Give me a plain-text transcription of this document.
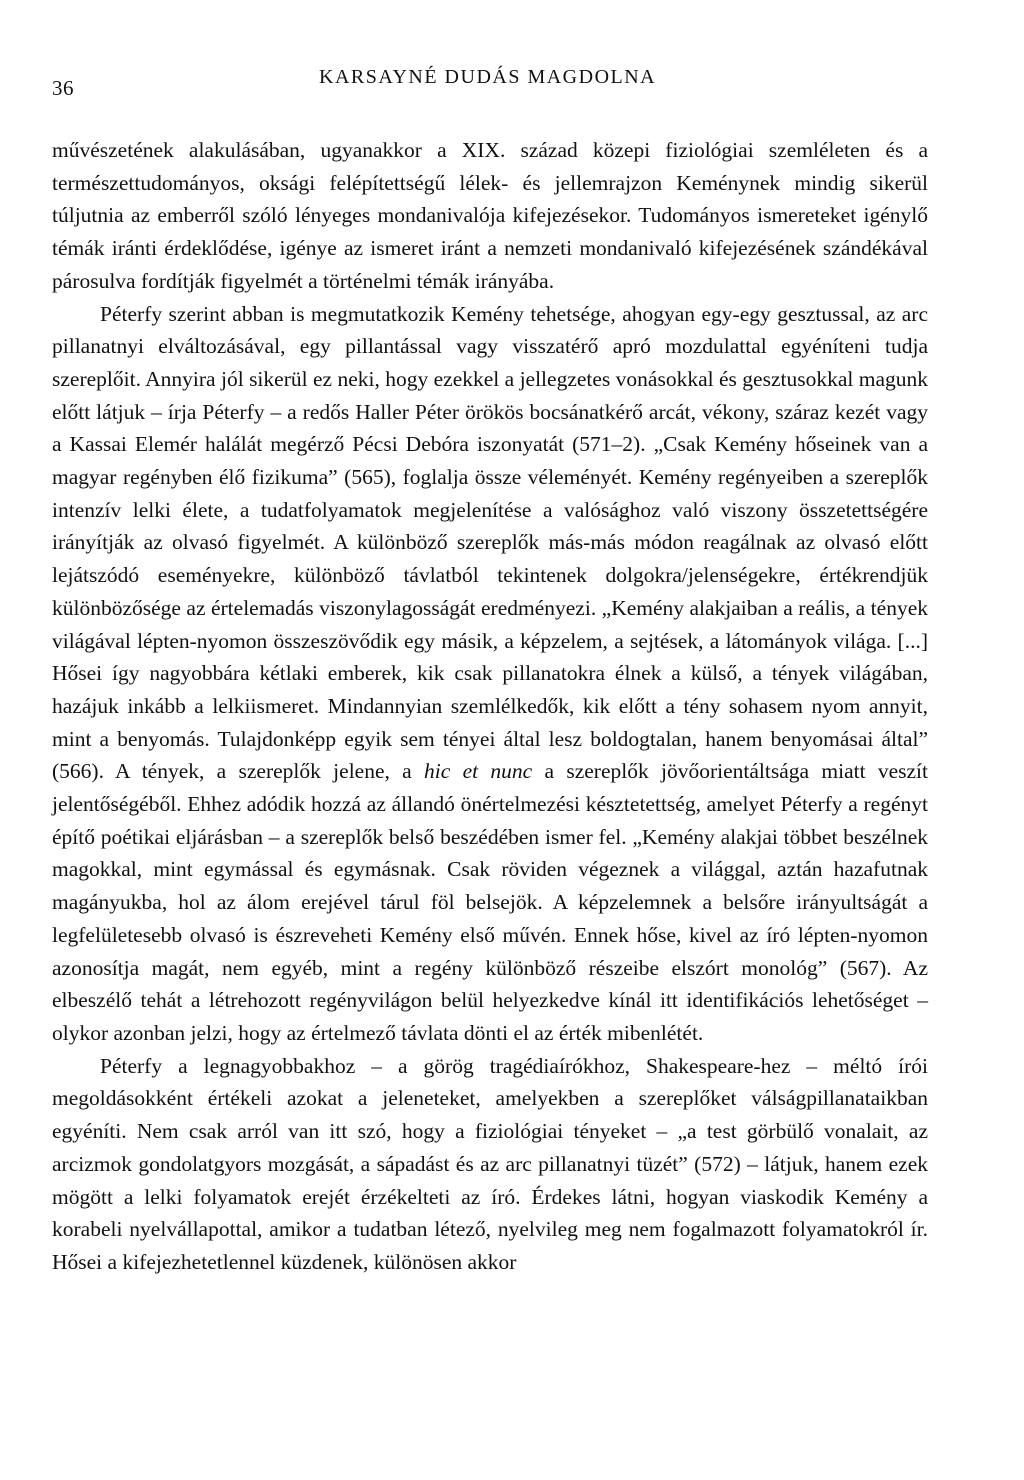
36	KARSAYNÉ DUDÁS MAGDOLNA

művészetének alakulásában, ugyanakkor a XIX. század közepi fiziológiai szemléleten és a természettudományos, oksági felépítettségű lélek- és jellemrajzon Keménynek mindig sikerül túljutnia az emberről szóló lényeges mondanivalója kifejezésekor. Tudományos ismereteket igénylő témák iránti érdeklődése, igénye az ismeret iránt a nemzeti mondanivaló kifejezésének szándékával párosulva fordítják figyelmét a történelmi témák irányába.

Péterfy szerint abban is megmutatkozik Kemény tehetsége, ahogyan egy-egy gesztussal, az arc pillanatnyi elváltozásával, egy pillantással vagy visszatérő apró mozdulattal egyéníteni tudja szereplőit. Annyira jól sikerül ez neki, hogy ezekkel a jellegzetes vonásokkal és gesztusokkal magunk előtt látjuk – írja Péterfy – a redős Haller Péter örökös bocsánatkérő arcát, vékony, száraz kezét vagy a Kassai Elemér halálát megérző Pécsi Debóra iszonyatát (571–2). „Csak Kemény hőseinek van a magyar regényben élő fizikuma” (565), foglalja össze véleményét. Kemény regényeiben a szereplők intenzív lelki élete, a tudatfolyamatok megjelenítése a valósághoz való viszony összetettségére irányítják az olvasó figyelmét. A különböző szereplők más-más módon reagálnak az olvasó előtt lejátszódó eseményekre, különböző távlatból tekintenek dolgokra/jelenségekre, értékrendjük különbözősége az értelemadás viszonylagosságát eredményezi. „Kemény alakjaiban a reális, a tények világával lépten-nyomon összeszövődik egy másik, a képzelem, a sejtések, a látományok világa. [...] Hősei így nagyobbára kétlaki emberek, kik csak pillanatokra élnek a külső, a tények világában, hazájuk inkább a lelkiismeret. Mindannyian szemlélkedők, kik előtt a tény sohasem nyom annyit, mint a benyomás. Tulajdonképp egyik sem tényei által lesz boldogtalan, hanem benyomásai által” (566). A tények, a szereplők jelene, a hic et nunc a szereplők jövőorientáltsága miatt veszít jelentőségéből. Ehhez adódik hozzá az állandó önértelmezési késztetettség, amelyet Péterfy a regényt építő poétikai eljárásban – a szereplők belső beszédében ismer fel. „Kemény alakjai többet beszélnek magokkal, mint egymással és egymásnak. Csak röviden végeznek a világgal, aztán hazafutnak magányukba, hol az álom erejével tárul föl belsejök. A képzelemnek a belsőre irányultságát a legfelületesebb olvasó is észreveheti Kemény első művén. Ennek hőse, kivel az író lépten-nyomon azonosítja magát, nem egyéb, mint a regény különböző részeibe elszórt monológ” (567). Az elbeszélő tehát a létrehozott regényvilágon belül helyezkedve kínál itt identifikációs lehetőséget – olykor azonban jelzi, hogy az értelmező távlata dönti el az érték mibenlétét.

Péterfy a legnagyobbakhoz – a görög tragédiaírókhoz, Shakespeare-hez – méltó írói megoldásokként értékeli azokat a jeleneteket, amelyekben a szereplőket válságpillanataikban egyéníti. Nem csak arról van itt szó, hogy a fiziológiai tényeket – „a test görbülő vonalait, az arcizmok gondolatgyors mozgását, a sápadást és az arc pillanatnyi tüzét” (572) – látjuk, hanem ezek mögött a lelki folyamatok erejét érzékelteti az író. Érdekes látni, hogyan viaskodik Kemény a korabeli nyelvállapottal, amikor a tudatban létező, nyelvileg meg nem fogalmazott folyamatokról ír. Hősei a kifejezhetetlennel küzdenek, különösen akkor
